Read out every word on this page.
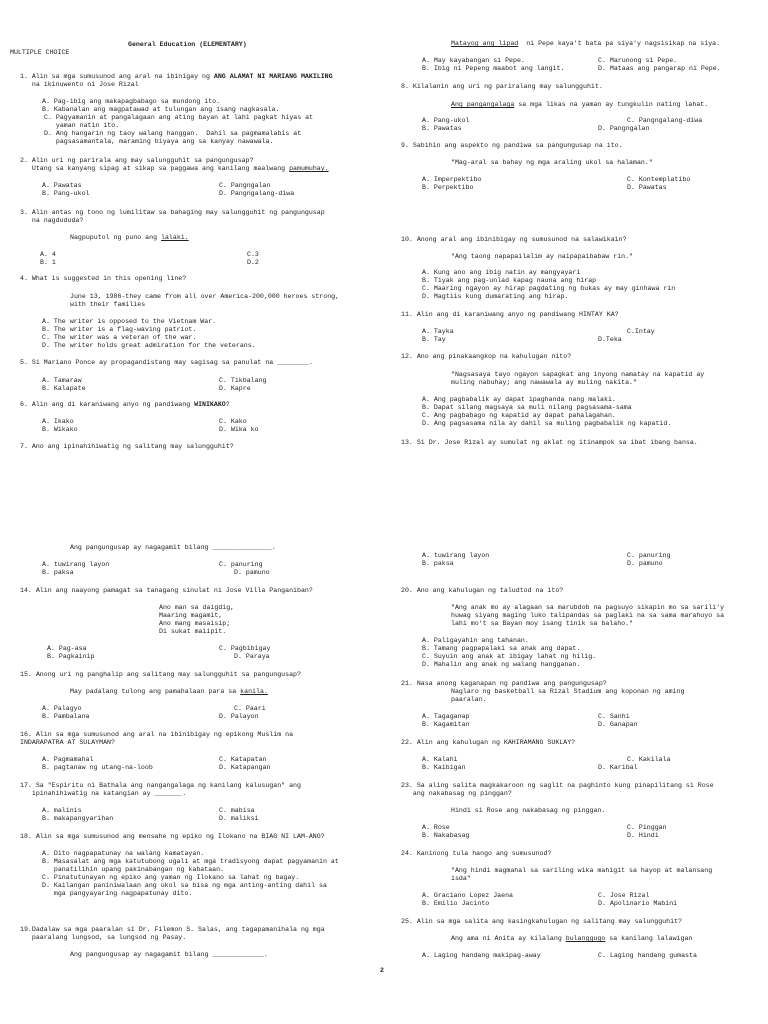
General Education (ELEMENTARY)
MULTIPLE CHOICE
1. Alin sa mga sumusunod ang aral na ibinigay ng ANG ALAMAT NI MARIANG MAKILING
na ikinuwento ni Jose Rizal
A. Pag-ibig ang makapagbabago sa mundong ito.
B. Kabanalan ang magpatawad at tulungan ang isang nagkasala.
C. Pagyamanin at pangalagaan ang ating bayan at lahi pagkat hiyas at
yaman natin ito.
D. Ang hangarin ng taoy walang hanggan.  Dahil sa pagmamalabis at
pagsasamantala, maraming biyaya ang sa kanyay nawawala.
2. Alin uri ng parirala ang may salungguhit sa pangungusap?
Utang sa kanyang sipag at sikap sa paggawa ang kanilang maalwang pamumuhay.
A. Pawatas
B. Pang-ukol
C. Pangngalan
D. Pangngalang-diwa
3. Alin antas ng tono ng lumilitaw sa bahaging may salungguhit ng pangungusap
na nagdududa?
Nagpuputol ng puno ang lalaki.
A. 4
B. 1
C.3
D.2
4. What is suggested in this opening line?
June 13, 1986-they came from all over America-200,000 heroes strong,
with their families
A. The writer is opposed to the Vietnam War.
B. The writer is a flag-waving patriot.
C. The writer was a veteran of the war.
D. The writer holds great admiration for the veterans.
5. Si Mariano Ponce ay propagandistang may sagisag sa panulat na ________.
A. Tamaraw
B. Kalapate
C. Tikbalang
D. Kapre
6. Alin ang di karaniwang anyo ng pandiwang WINIKAKO?
A. Ikako
B. Wikako
C. Kako
D. Wika ko
7. Ano ang ipinahihiwatig ng salitang may salungguhit?
Matayog ang lipad  ni Pepe kaya't bata pa siya'y nagsisikap na siya.
A. May kayabangan si Pepe.
B. Ibig ni Pepeng maabot ang langit.
C. Marunong si Pepe.
D. Mataas ang pangarap ni Pepe.
8. Kilalanin ang uri ng pariralang may salungguhit.
Ang pangangalaga sa mga likas na yaman ay tungkulin nating lahat.
A. Pang-ukol
B. Pawatas
C. Pangngalang-diwa
D. Pangngalan
9. Sabihin ang aspekto ng pandiwa sa pangungusap na ito.
"Mag-aral sa bahay ng mga araling ukol sa halaman."
A. Imperpektibo
B. Perpektibo
C. Kontemplatibo
D. Pawatas
10. Anong aral ang ibinibigay ng sumusunod na salawikain?
"Ang taong napapailalim ay naipapaibabaw rin."
A. Kung ano ang ibig natin ay mangyayari
B. Tiyak ang pag-unlad kapag nauna ang hirap
C. Maaring ngayon ay hirap pagdating ng bukas ay may ginhawa rin
D. Magtiis kung dumarating ang hirap.
11. Alin ang di karaniwang anyo ng pandiwang HINTAY KA?
A. Tayka
B. Tay
C.Intay
D.Teka
12. Ano ang pinakaangkop na kahulugan nito?
"Nagsasaya tayo ngayon sapagkat ang inyong namatay na kapatid ay
muling nabuhay; ang nawawala ay muling nakita."
A. Ang pagbabalik ay dapat ipaghanda nang malaki.
B. Dapat silang magsaya sa muli nilang pagsasama-sama
C. Ang pagbabago ng kapatid ay dapat pahalagahan.
D. Ang pagsasama nila ay dahil sa muling pagbabalik ng kapatid.
13. Si Dr. Jose Rizal ay sumulat ng aklat ng itinampok sa ibat ibang bansa.
Ang pangungusap ay nagagamit bilang _______________.
A. tuwirang layon
B. paksa
C. panuring
D. pamuno
14. Alin ang naayong pamagat sa tanagang sinulat ni Jose Villa Panganiban?
Ano man sa daigdig,
Maaring magamit,
Ano mang masaisip;
Di sukat maiipit.
A. Pag-asa
B. Pagkainip
C. Pagbibigay
D. Paraya
15. Anong uri ng panghalip ang salitang may salungguhit sa pangungusap?
May padalang tulong ang pamahalaan para sa kanila.
A. Palagyo
B. Pambalana
C. Paari
D. Palayon
16. Alin sa mga sumusunod ang aral na ibinibigay ng epikong Muslim na
INDARAPATRA AT SULAYMAN?
A. Pagmamahal
B. pagtanaw ng utang-na-loob
C. Katapatan
D. Katapangan
17. Sa "Espiritu ni Bathala ang nangangalaga ng kanilang kalusugan" ang
ipinahihiwatig na katangian ay _______.
A. malinis
B. makapangyarihan
C. mabisa
D. maliksi
18. Alin sa mga sumusunod ang mensahe ng epiko ng Ilokano na BIAG NI LAM-ANG?
A. Dito nagpapatunay na walang kamatayan.
B. Masasalat ang mga katutubong ugali at mga tradisyong dapat pagyamanin at
panatilihin upang pakinabangan ng kabataan.
C. Pinatutunayan ng epiko ang yaman ng Ilokano sa lahat ng bagay.
D. Kailangan paniniwalaan ang ukol sa bisa ng mga anting-anting dahil sa
mga pangyayaring nagpapatunay dito.
19.Dadalaw sa mga paaralan si Dr. Filemon S. Salas, ang tagapamanihala ng mga
paaralang lungsod, sa lungsod ng Pasay.
Ang pangungusap ay nagagamit bilang _____________.
A. tuwirang layon
B. paksa
C. panuring
D. pamuno
20. Ano ang kahulugan ng taludtod na ito?
"Ang anak mo ay alagaan sa marubdob na pagsuyo sikapin mo sa sarili'y
huwag siyang maging luko talipandas sa paglaki na sa sama marahuyo sa
lahi mo't sa Bayan moy isang tinik sa balaho."
A. Paligayahin ang tahanan.
B. Tamang pagpapalaki sa anak ang dapat.
C. Suyuin ang anak at ibigay lahat ng hilig.
D. Mahalin ang anak ng walang hangganan.
21. Nasa anong kaganapan ng pandiwa ang pangungusap?
Naglaro ng basketball sa Rizal Stadium ang koponan ng aming
paaralan.
A. Tagaganap
B. Kagamitan
C. Sanhi
D. Ganapan
22. Alin ang kahulugan ng KAHIRAMANG SUKLAY?
A. Kalahi
B. Kaibigan
C. Kakilala
D. Karibal
23. Sa aling salita magkakaroon ng saglit na paghinto kung pinapilitang si Rose
ang nakabasag ng pinggan?
Hindi si Rose ang nakabasag ng pinggan.
A. Rose
B. Nakabasag
C. Pinggan
D. Hindi
24. Kaninong tula hango ang sumusunod?
"Ang hindi magmahal sa sariling wika mahigit sa hayop at malansang
isda"
A. Graciano Lopez Jaena
B. Emilio Jacinto
C. Jose Rizal
D. Apolinario Mabini
25. Alin sa mga salita ang kasingkahulugan ng salitang may salungguhit?
Ang ama ni Anita ay kilalang bulanggugo sa kanilang lalawigan
A. Laging handang makipag-away	C. Laging handang gumasta
2
